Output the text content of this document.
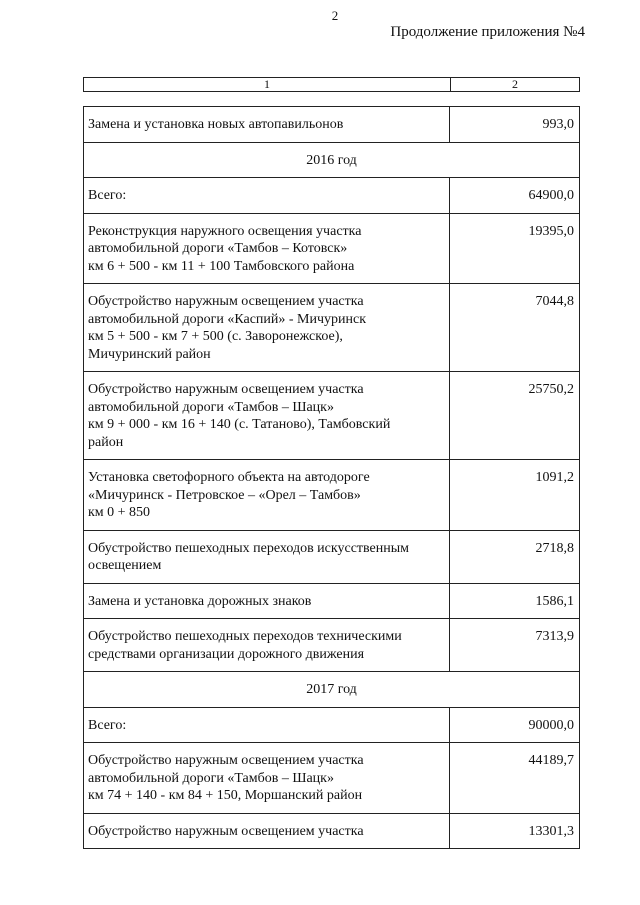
2
Продолжение приложения №4
1	2
Замена и установка новых автопавильонов	993,0
2016 год	

Всего:	64900,0

Реконструкция наружного освещения участка
автомобильной дороги «Тамбов – Котовск»
км 6 + 500 - км 11 + 100 Тамбовского района	19395,0

Обустройство наружным освещением участка
автомобильной дороги «Каспий» - Мичуринск
км 5 + 500 - км 7 + 500 (с. Заворонежское),
Мичуринский район	7044,8

Обустройство наружным освещением участка
автомобильной дороги «Тамбов – Шацк»
км 9 + 000 - км 16 + 140 (с. Татаново), Тамбовский
район	25750,2

Установка светофорного объекта на автодороге
«Мичуринск - Петровское – «Орел – Тамбов»
км 0 + 850	1091,2

Обустройство пешеходных переходов искусственным
освещением	2718,8

Замена и установка дорожных знаков	1586,1

Обустройство пешеходных переходов техническими
средствами организации дорожного движения	7313,9
2017 год	

Всего:	90000,0

Обустройство наружным освещением участка
автомобильной дороги «Тамбов – Шацк»
км 74 + 140 - км 84 + 150, Моршанский район	44189,7

Обустройство наружным освещением участка	13301,3
